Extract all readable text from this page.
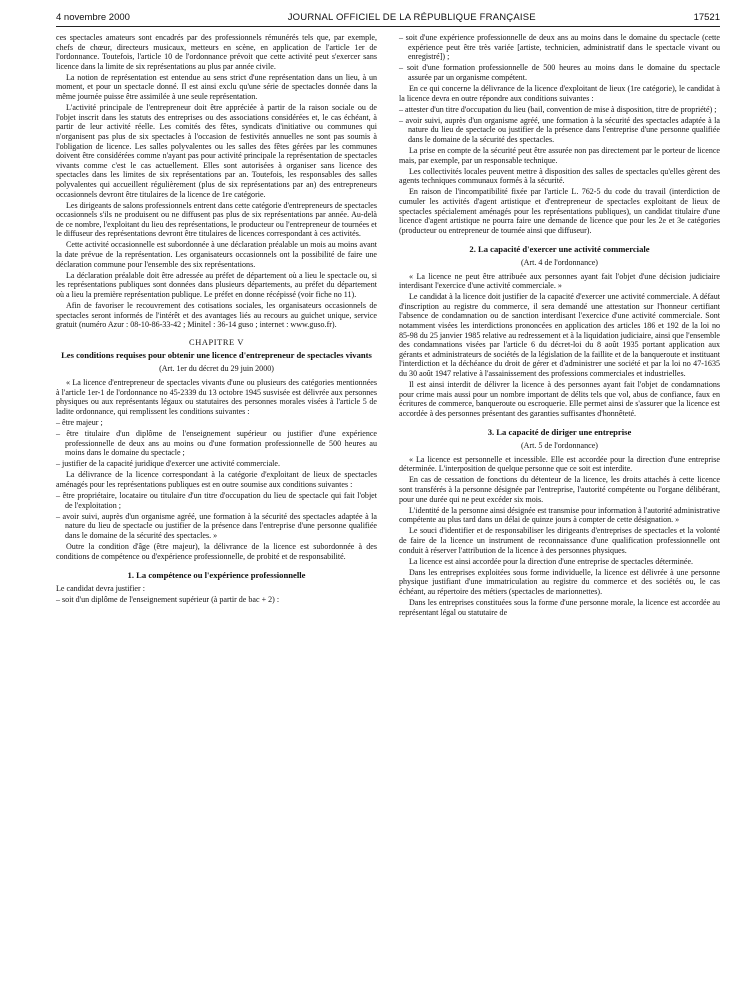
4 novembre 2000	JOURNAL OFFICIEL DE LA RÉPUBLIQUE FRANÇAISE	17521

ces spectacles amateurs sont encadrés par des professionnels rémunérés tels que, par exemple, chefs de chœur, directeurs musicaux, metteurs en scène, en application de l'article 1er de l'ordonnance. Toutefois, l'article 10 de l'ordonnance prévoit que cette activité peut s'exercer sans licence dans la limite de six représentations au plus par année civile.

La notion de représentation est entendue au sens strict d'une représentation dans un lieu, à un moment, et pour un spectacle donné. Il est ainsi exclu qu'une série de spectacles donnée dans la même journée puisse être assimilée à une seule représentation.

L'activité principale de l'entrepreneur doit être appréciée à partir de la raison sociale ou de l'objet inscrit dans les statuts des entreprises ou des associations considérées et, le cas échéant, à partir de leur activité réelle. Les comités des fêtes, syndicats d'initiative ou communes qui n'organisent pas plus de six spectacles à l'occasion de festivités annuelles ne sont pas soumis à l'obligation de licence. Les salles polyvalentes ou les salles des fêtes gérées par les communes doivent être considérées comme n'ayant pas pour activité principale la représentation de spectacles vivants comme c'est le cas actuellement. Elles sont autorisées à organiser sans licence des spectacles dans les limites de six représentations par an. Toutefois, les responsables des salles polyvalentes qui accueillent régulièrement (plus de six représentations par an) des entrepreneurs occasionnels devront être titulaires de la licence de 1re catégorie.

Les dirigeants de salons professionnels entrent dans cette catégorie d'entrepreneurs de spectacles occasionnels s'ils ne produisent ou ne diffusent pas plus de six représentations par année. Au-delà de ce nombre, l'exploitant du lieu des représentations, le producteur ou l'entrepreneur de tournées et le diffuseur des représentations devront être titulaires de licences correspondant à ces activités.

Cette activité occasionnelle est subordonnée à une déclaration préalable un mois au moins avant la date prévue de la représentation. Les organisateurs occasionnels ont la possibilité de faire une déclaration commune pour l'ensemble des six représentations.

La déclaration préalable doit être adressée au préfet de département où a lieu le spectacle ou, si les représentations publiques sont données dans plusieurs départements, au préfet du département où a lieu la première représentation publique. Le préfet en donne récépissé (voir fiche no 11).

Afin de favoriser le recouvrement des cotisations sociales, les organisateurs occasionnels de spectacles seront informés de l'intérêt et des avantages liés au recours au guichet unique, service gratuit (numéro Azur : 08-10-86-33-42 ; Minitel : 36-14 guso ; internet : www.guso.fr).

CHAPITRE V
Les conditions requises pour obtenir une licence d'entrepreneur de spectacles vivants
(Art. 1er du décret du 29 juin 2000)

« La licence d'entrepreneur de spectacles vivants d'une ou plusieurs des catégories mentionnées à l'article 1er-1 de l'ordonnance no 45-2339 du 13 octobre 1945 susvisée est délivrée aux personnes physiques ou aux représentants légaux ou statutaires des personnes morales visées à l'article 5 de ladite ordonnance, qui remplissent les conditions suivantes :

– être majeur ;

– être titulaire d'un diplôme de l'enseignement supérieur ou justifier d'une expérience professionnelle de deux ans au moins ou d'une formation professionnelle de 500 heures au moins dans le domaine du spectacle ;

– justifier de la capacité juridique d'exercer une activité commerciale.

La délivrance de la licence correspondant à la catégorie d'exploitant de lieux de spectacles aménagés pour les représentations publiques est en outre soumise aux conditions suivantes :

– être propriétaire, locataire ou titulaire d'un titre d'occupation du lieu de spectacle qui fait l'objet de l'exploitation ;

– avoir suivi, auprès d'un organisme agréé, une formation à la sécurité des spectacles adaptée à la nature du lieu de spectacle ou justifier de la présence dans l'entreprise d'une personne qualifiée dans le domaine de la sécurité des spectacles. »

Outre la condition d'âge (être majeur), la délivrance de la licence est subordonnée à des conditions de compétence ou d'expérience professionnelle, de probité et de responsabilité.

1. La compétence ou l'expérience professionnelle

Le candidat devra justifier :

– soit d'un diplôme de l'enseignement supérieur (à partir de bac + 2) :

– soit d'une expérience professionnelle de deux ans au moins dans le domaine du spectacle (cette expérience peut être très variée [artiste, technicien, administratif dans le spectacle vivant ou enregistré]) ;

– soit d'une formation professionnelle de 500 heures au moins dans le domaine du spectacle assurée par un organisme compétent.

En ce qui concerne la délivrance de la licence d'exploitant de lieux (1re catégorie), le candidat à la licence devra en outre répondre aux conditions suivantes :

– attester d'un titre d'occupation du lieu (bail, convention de mise à disposition, titre de propriété) ;

– avoir suivi, auprès d'un organisme agréé, une formation à la sécurité des spectacles adaptée à la nature du lieu de spectacle ou justifier de la présence dans l'entreprise d'une personne qualifiée dans le domaine de la sécurité des spectacles.

La prise en compte de la sécurité peut être assurée non pas directement par le porteur de licence mais, par exemple, par un responsable technique.

Les collectivités locales peuvent mettre à disposition des salles de spectacles qu'elles gèrent des agents techniques communaux formés à la sécurité.

En raison de l'incompatibilité fixée par l'article L. 762-5 du code du travail (interdiction de cumuler les activités d'agent artistique et d'entrepreneur de spectacles exploitant de lieux de spectacles spécialement aménagés pour les représentations publiques), un candidat titulaire d'une licence d'agent artistique ne pourra faire une demande de licence que pour les 2e et 3e catégories (producteur ou entrepreneur de tournée ainsi que diffuseur).

2. La capacité d'exercer une activité commerciale
(Art. 4 de l'ordonnance)

« La licence ne peut être attribuée aux personnes ayant fait l'objet d'une décision judiciaire interdisant l'exercice d'une activité commerciale. »

Le candidat à la licence doit justifier de la capacité d'exercer une activité commerciale. A défaut d'inscription au registre du commerce, il sera demandé une attestation sur l'honneur certifiant l'absence de condamnation ou de sanction interdisant l'exercice d'une activité commerciale. Sont notamment visées les interdictions prononcées en application des articles 186 et 192 de la loi no 85-98 du 25 janvier 1985 relative au redressement et à la liquidation judiciaire, ainsi que l'ensemble des condamnations visées par l'article 6 du décret-loi du 8 août 1935 portant application aux gérants et administrateurs de sociétés de la législation de la faillite et de la banqueroute et instituant l'interdiction et la déchéance du droit de gérer et d'administrer une société et par la loi no 47-1635 du 30 août 1947 relative à l'assainissement des professions commerciales et industrielles.

Il est ainsi interdit de délivrer la licence à des personnes ayant fait l'objet de condamnations pour crime mais aussi pour un nombre important de délits tels que vol, abus de confiance, faux en écritures de commerce, banqueroute ou escroquerie. Elle permet ainsi de s'assurer que la licence est accordée à des personnes présentant des garanties suffisantes d'honnêteté.

3. La capacité de diriger une entreprise
(Art. 5 de l'ordonnance)

« La licence est personnelle et incessible. Elle est accordée pour la direction d'une entreprise déterminée. L'interposition de quelque personne que ce soit est interdite.

En cas de cessation de fonctions du détenteur de la licence, les droits attachés à cette licence sont transférés à la personne désignée par l'entreprise, l'autorité compétente ou l'organe délibérant, pour une durée qui ne peut excéder six mois.

L'identité de la personne ainsi désignée est transmise pour information à l'autorité administrative compétente au plus tard dans un délai de quinze jours à compter de cette désignation. »

Le souci d'identifier et de responsabiliser les dirigeants d'entreprises de spectacles et la volonté de faire de la licence un instrument de reconnaissance d'une qualification professionnelle ont conduit à réserver l'attribution de la licence à des personnes physiques.

La licence est ainsi accordée pour la direction d'une entreprise de spectacles déterminée.

Dans les entreprises exploitées sous forme individuelle, la licence est délivrée à une personne physique justifiant d'une immatriculation au registre du commerce et des sociétés ou, le cas échéant, au répertoire des métiers (spectacles de marionnettes).

Dans les entreprises constituées sous la forme d'une personne morale, la licence est accordée au représentant légal ou statutaire de
